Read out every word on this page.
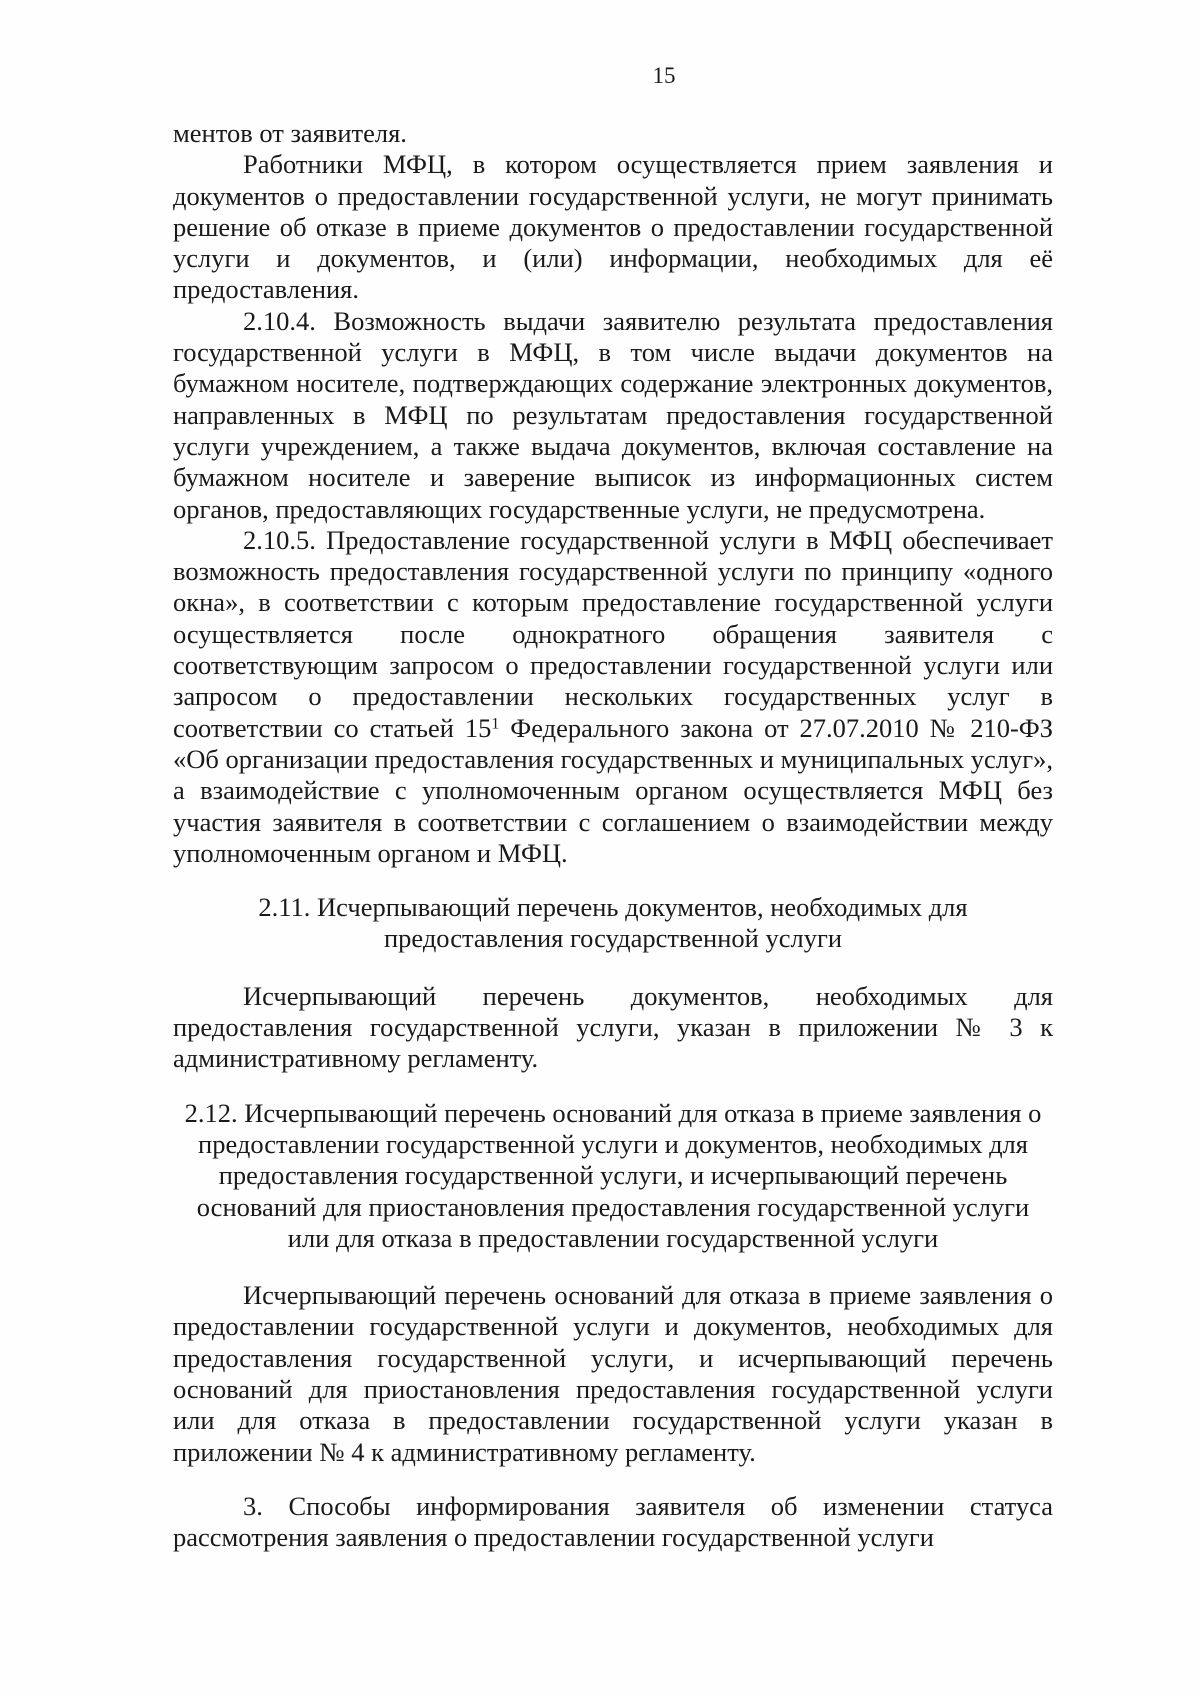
15

ментов от заявителя.

Работники МФЦ, в котором осуществляется прием заявления и документов о предоставлении государственной услуги, не могут принимать решение об отказе в приеме документов о предоставлении государственной услуги и документов, и (или) информации, необходимых для её предоставления.

2.10.4. Возможность выдачи заявителю результата предоставления государственной услуги в МФЦ, в том числе выдачи документов на бумажном носителе, подтверждающих содержание электронных документов, направленных в МФЦ по результатам предоставления государственной услуги учреждением, а также выдача документов, включая составление на бумажном носителе и заверение выписок из информационных систем органов, предоставляющих государственные услуги, не предусмотрена.

2.10.5. Предоставление государственной услуги в МФЦ обеспечивает возможность предоставления государственной услуги по принципу «одного окна», в соответствии с которым предоставление государственной услуги осуществляется после однократного обращения заявителя с соответствующим запросом о предоставлении государственной услуги или запросом о предоставлении нескольких государственных услуг в соответствии со статьей $15^1$ Федерального закона от 27.07.2010 № 210-ФЗ «Об организации предоставления государственных и муниципальных услуг», а взаимодействие с уполномоченным органом осуществляется МФЦ без участия заявителя в соответствии с соглашением о взаимодействии между уполномоченным органом и МФЦ.

2.11. Исчерпывающий перечень документов, необходимых для предоставления государственной услуги

Исчерпывающий перечень документов, необходимых для предоставления государственной услуги, указан в приложении № 3 к административному регламенту.

2.12. Исчерпывающий перечень оснований для отказа в приеме заявления о предоставлении государственной услуги и документов, необходимых для предоставления государственной услуги, и исчерпывающий перечень оснований для приостановления предоставления государственной услуги или для отказа в предоставлении государственной услуги

Исчерпывающий перечень оснований для отказа в приеме заявления о предоставлении государственной услуги и документов, необходимых для предоставления государственной услуги, и исчерпывающий перечень оснований для приостановления предоставления государственной услуги или для отказа в предоставлении государственной услуги указан в приложении № 4 к административному регламенту.

3. Способы информирования заявителя об изменении статуса рассмотрения заявления о предоставлении государственной услуги
